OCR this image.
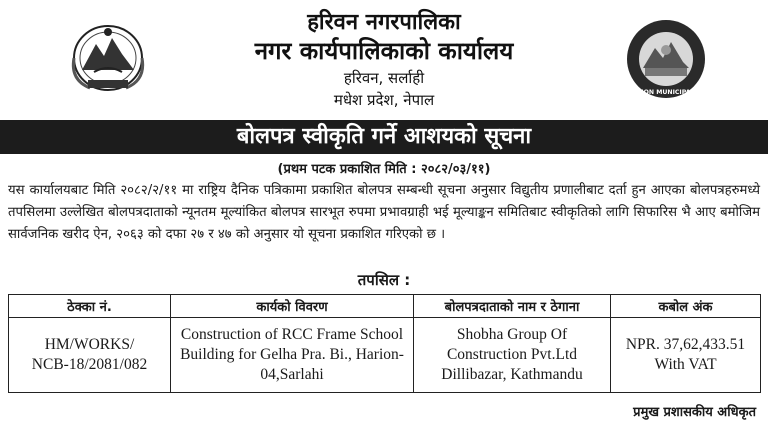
हरिवन नगरपालिका
नगर कार्यपालिकाको कार्यालय
हरिवन, सर्लाही
मधेश प्रदेश, नेपाल	HARION MUNICIPALITY
बोलपत्र स्वीकृति गर्ने आशयको सूचना
(प्रथम पटक प्रकाशित मिति : २०८२/०३/११)
यस कार्यालयबाट मिति २०८२/२/११ मा राष्ट्रिय दैनिक पत्रिकामा प्रकाशित बोलपत्र सम्बन्धी सूचना अनुसार विद्युतीय प्रणालीबाट दर्ता हुन आएका बोलपत्रहरुमध्ये तपसिलमा उल्लेखित बोलपत्रदाताको न्यूनतम मूल्यांकित बोलपत्र सारभूत रुपमा प्रभावग्राही भई मूल्याङ्कन समितिबाट स्वीकृतिको लागि सिफारिस भै आए बमोजिम सार्वजनिक खरीद ऐन, २०६३ को दफा २७ र ४७ को अनुसार यो सूचना प्रकाशित गरिएको छ ।
तपसिल :
ठेक्का नं.	कार्यको विवरण	बोलपत्रदाताको नाम र ठेगाना	कबोल अंक
HM/WORKS/
NCB-18/2081/082	Construction of RCC Frame School Building for Gelha Pra. Bi., Harion-04,Sarlahi	Shobha Group Of Construction Pvt.Ltd Dillibazar, Kathmandu	NPR. 37,62,433.51 With VAT
प्रमुख प्रशासकीय अधिकृत
